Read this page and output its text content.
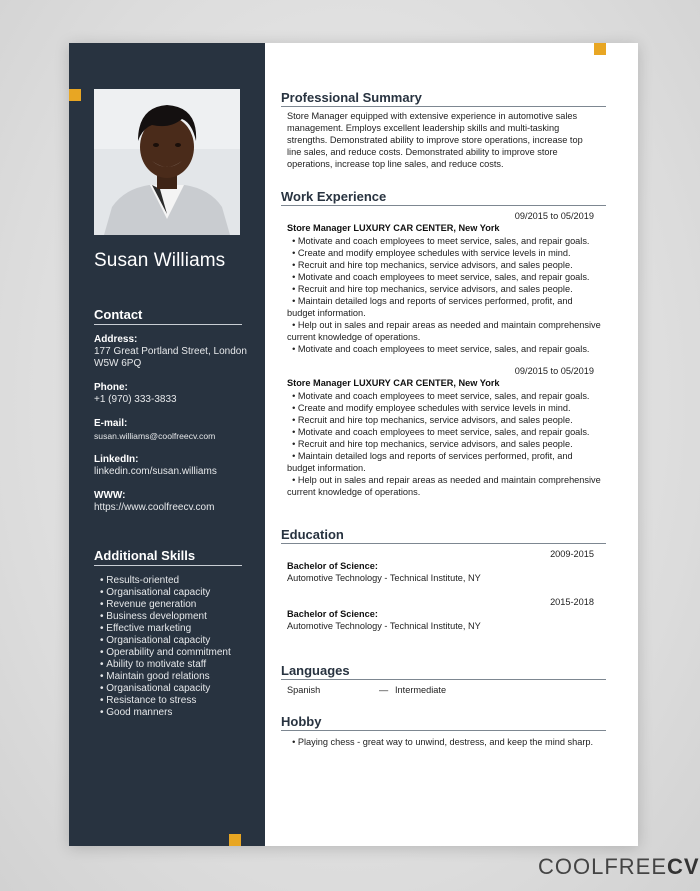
Susan Williams
Contact
Address:
177 Great Portland Street, London
W5W 6PQ
Phone:
+1 (970) 333-3833
E-mail:
susan.williams@coolfreecv.com
LinkedIn:
linkedin.com/susan.williams
WWW:
https://www.coolfreecv.com
Additional Skills
• Results-oriented
• Organisational capacity
• Revenue generation
• Business development
• Effective marketing
• Organisational capacity
• Operability and commitment
• Ability to motivate staff
• Maintain good relations
• Organisational capacity
• Resistance to stress
• Good manners
Professional Summary
Store Manager equipped with extensive experience in automotive sales management. Employs excellent leadership skills and multi-tasking strengths. Demonstrated ability to improve store operations, increase top line sales, and reduce costs. Demonstrated ability to improve store operations, increase top line sales, and reduce costs.
Work Experience
09/2015 to 05/2019
Store Manager LUXURY CAR CENTER, New York
• Motivate and coach employees to meet service, sales, and repair goals.
• Create and modify employee schedules with service levels in mind.
• Recruit and hire top mechanics, service advisors, and sales people.
• Motivate and coach employees to meet service, sales, and repair goals.
• Recruit and hire top mechanics, service advisors, and sales people.
• Maintain detailed logs and reports of services performed, profit, and budget information.
• Help out in sales and repair areas as needed and maintain comprehensive current knowledge of operations.
• Motivate and coach employees to meet service, sales, and repair goals.
09/2015 to 05/2019
Store Manager LUXURY CAR CENTER, New York
• Motivate and coach employees to meet service, sales, and repair goals.
• Create and modify employee schedules with service levels in mind.
• Recruit and hire top mechanics, service advisors, and sales people.
• Motivate and coach employees to meet service, sales, and repair goals.
• Recruit and hire top mechanics, service advisors, and sales people.
• Maintain detailed logs and reports of services performed, profit, and budget information.
• Help out in sales and repair areas as needed and maintain comprehensive current knowledge of operations.
Education
2009-2015
Bachelor of Science:
Automotive Technology - Technical Institute, NY
2015-2018
Bachelor of Science:
Automotive Technology - Technical Institute, NY
Languages
Spanish	— Intermediate
Hobby
• Playing chess - great way to unwind, destress, and keep the mind sharp.
COOLFREECV
